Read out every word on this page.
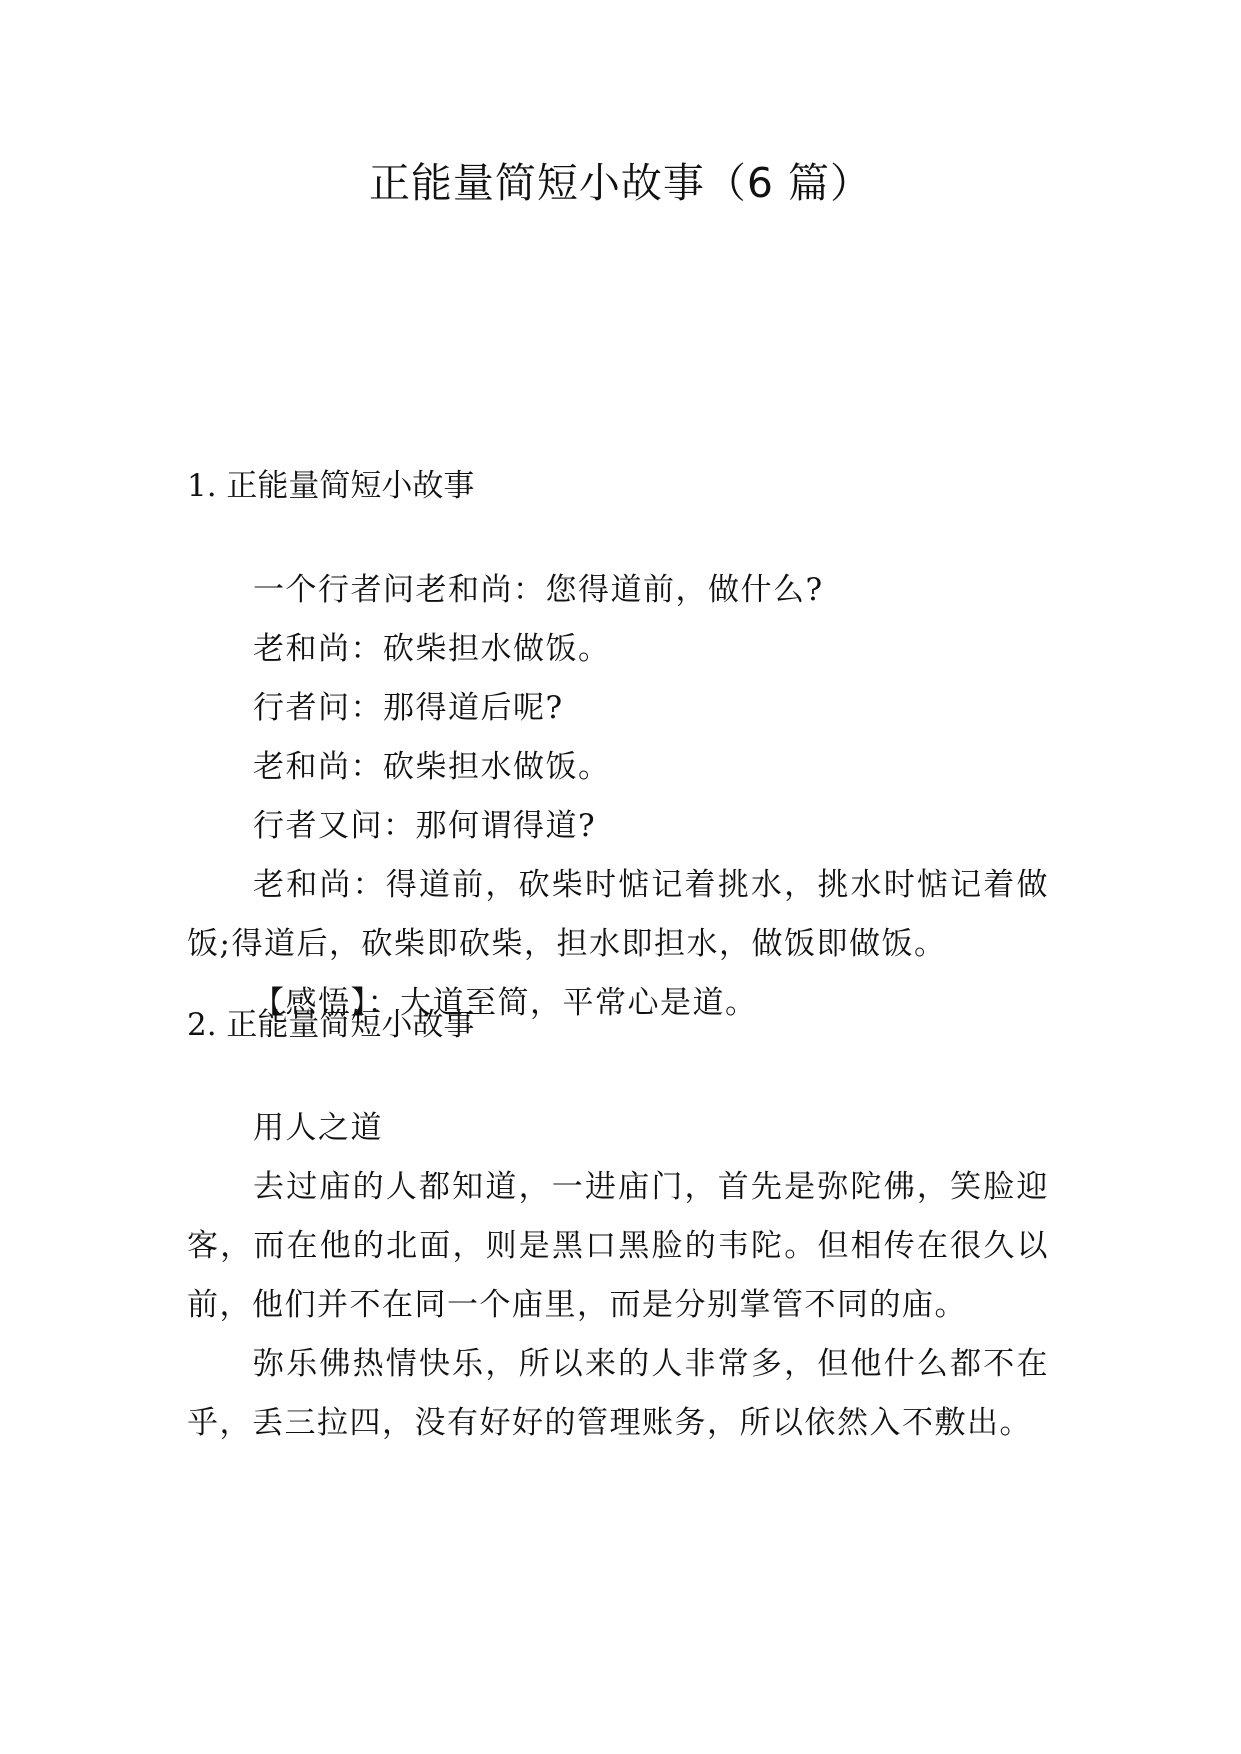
正能量简短小故事（6 篇）
1. 正能量简短小故事

一个行者问老和尚：您得道前，做什么?

老和尚：砍柴担水做饭。

行者问：那得道后呢?

老和尚：砍柴担水做饭。

行者又问：那何谓得道?

老和尚：得道前，砍柴时惦记着挑水，挑水时惦记着做饭;得道后，砍柴即砍柴，担水即担水，做饭即做饭。

【感悟】：大道至简，平常心是道。

2. 正能量简短小故事

用人之道

去过庙的人都知道，一进庙门，首先是弥陀佛，笑脸迎客，而在他的北面，则是黑口黑脸的韦陀。但相传在很久以前，他们并不在同一个庙里，而是分别掌管不同的庙。

弥乐佛热情快乐，所以来的人非常多，但他什么都不在乎，丢三拉四，没有好好的管理账务，所以依然入不敷出。
